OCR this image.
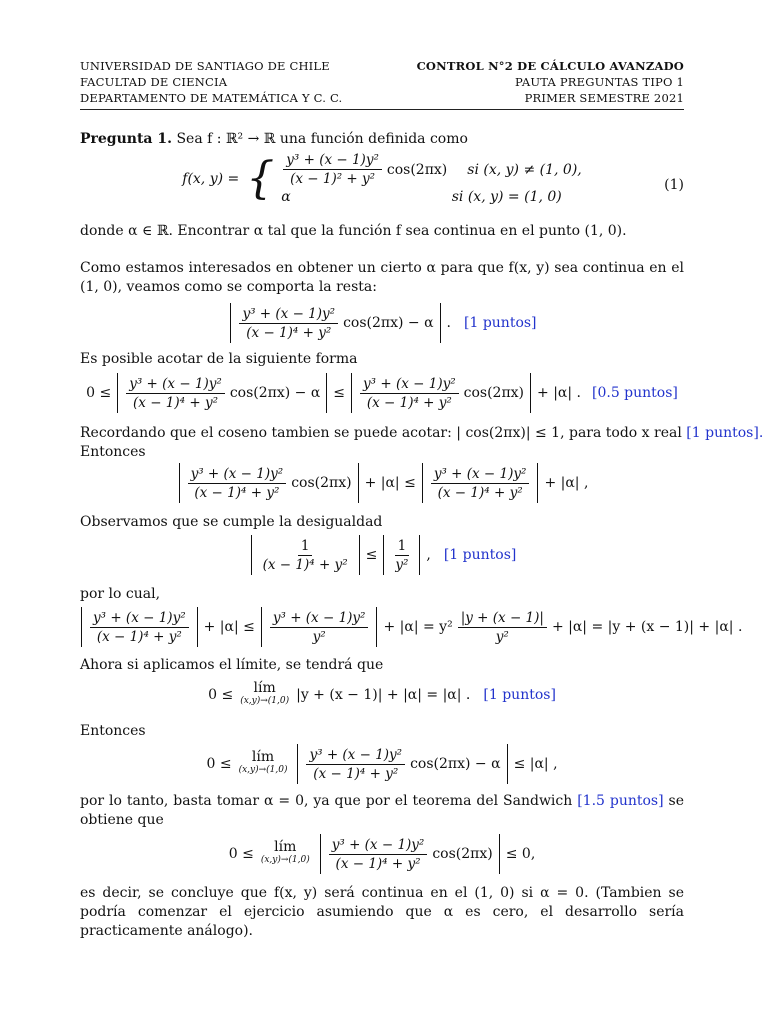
UNIVERSIDAD DE SANTIAGO DE CHILE
FACULTAD DE CIENCIA
DEPARTAMENTO DE MATEMÁTICA Y C. C.
CONTROL N°2 DE CÁLCULO AVANZADO
PAUTA PREGUNTAS TIPO 1
PRIMER SEMESTRE 2021
Pregunta 1. Sea f : ℝ² → ℝ una función definida como
f(x, y) = { $\frac{\text{y³ + (x − 1)y²}}{\text{(x − 1)² + y²}} \cos(2\pi x)$ si (x, y) ≠ (1, 0),
α	si (x, y) = (1, 0)
(1)
donde α ∈ ℝ. Encontrar α tal que la función f sea continua en el punto (1, 0).
Como estamos interesados en obtener un cierto α para que f(x, y) sea continua en el (1, 0), veamos como se comporta la resta:
$\frac{\text{y³ + (x − 1)y²}}{\text{(x − 1)⁴ + y²}} \cos(2\pi x) - \alpha$ . [1 puntos]
Es posible acotar de la siguiente forma
$0 \le \frac{\text{y³ + (x − 1)y²}}{\text{(x − 1)⁴ + y²}} \cos(2\pi x) - \alpha \le \frac{\text{y³ + (x − 1)y²}}{\text{(x − 1)⁴ + y²}} \cos(2\pi x) + |\alpha|$ . [0.5 puntos]
Recordando que el coseno tambien se puede acotar: | cos(2πx)| ≤ 1, para todo x real [1 puntos].
Entonces
$\frac{\text{y³ + (x − 1)y²}}{\text{(x − 1)⁴ + y²}} \cos(2\pi x) + |\alpha| \le \frac{\text{y³ + (x − 1)y²}}{\text{(x − 1)⁴ + y²}} + |\alpha|$ ,
Observamos que se cumple la desigualdad
$\frac{1}{\text{(x − 1)⁴ + y²}} \le \frac{1}{\text{y²}}$ , [1 puntos]
por lo cual,
$\frac{\text{y³ + (x − 1)y²}}{\text{(x − 1)⁴ + y²}} + |\alpha| \le \frac{\text{y³ + (x − 1)y²}}{\text{y²}} + |\alpha| = y^2 \frac{|y + (x - 1)|}{\text{y²}} + |\alpha| = |y + (x - 1)| + |\alpha|$ .
Ahora si aplicamos el límite, se tendrá que
0 ≤ lím
(x,y)→(1,0) |y + (x − 1)| + |α| = |α| . [1 puntos]
Entonces
0 ≤ lím
$(x,y)\to(1,0) \frac{\text{y³ + (x − 1)y²}}{\text{(x − 1)⁴ + y²}} \cos(2\pi x) - \alpha \le |\alpha|$ ,
por lo tanto, basta tomar α = 0, ya que por el teorema del Sandwich [1.5 puntos] se obtiene que
0 ≤ lím
$(x,y)\to(1,0) \frac{\text{y³ + (x − 1)y²}}{\text{(x − 1)⁴ + y²}} \cos(2\pi x) \le 0$,
es decir, se concluye que f(x, y) será continua en el (1, 0) si α = 0. (Tambien se podría comenzar el ejercicio asumiendo que α es cero, el desarrollo sería practicamente análogo).
